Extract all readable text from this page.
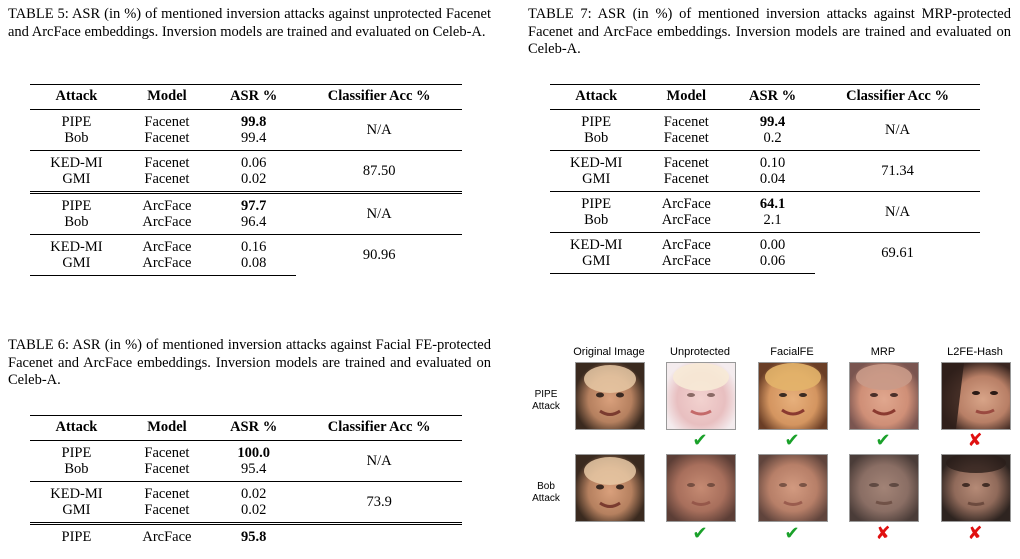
TABLE 5: ASR (in %) of mentioned inversion attacks against unprotected Facenet and ArcFace embeddings. Inversion models are trained and evaluated on Celeb-A.
Attack	Model	ASR %	Classifier Acc %
PIPE	Facenet	99.8	N/A
Bob	Facenet	99.4	
KED-MI	Facenet	0.06	87.50
GMI	Facenet	0.02	
PIPE	ArcFace	97.7	N/A
Bob	ArcFace	96.4	
KED-MI	ArcFace	0.16	90.96
GMI	ArcFace	0.08	
TABLE 6: ASR (in %) of mentioned inversion attacks against Facial FE-protected Facenet and ArcFace embeddings. Inversion models are trained and evaluated on Celeb-A.
Attack	Model	ASR %	Classifier Acc %
PIPE	Facenet	100.0	N/A
Bob	Facenet	95.4	
KED-MI	Facenet	0.02	73.9
GMI	Facenet	0.02	
PIPE	ArcFace	95.8	
TABLE 7: ASR (in %) of mentioned inversion attacks against MRP-protected Facenet and ArcFace embeddings. Inversion models are trained and evaluated on Celeb-A.
Attack	Model	ASR %	Classifier Acc %
PIPE	Facenet	99.4	N/A
Bob	Facenet	0.2	
KED-MI	Facenet	0.10	71.34
GMI	Facenet	0.04	
PIPE	ArcFace	64.1	N/A
Bob	ArcFace	2.1	
KED-MI	ArcFace	0.00	69.61
GMI	ArcFace	0.06	
Original Image	Unprotected	FacialFE	MRP	L2FE-Hash
PIPE
Attack
Bob
Attack
✔	✔	✔	✘
✔	✔	✘	✘
